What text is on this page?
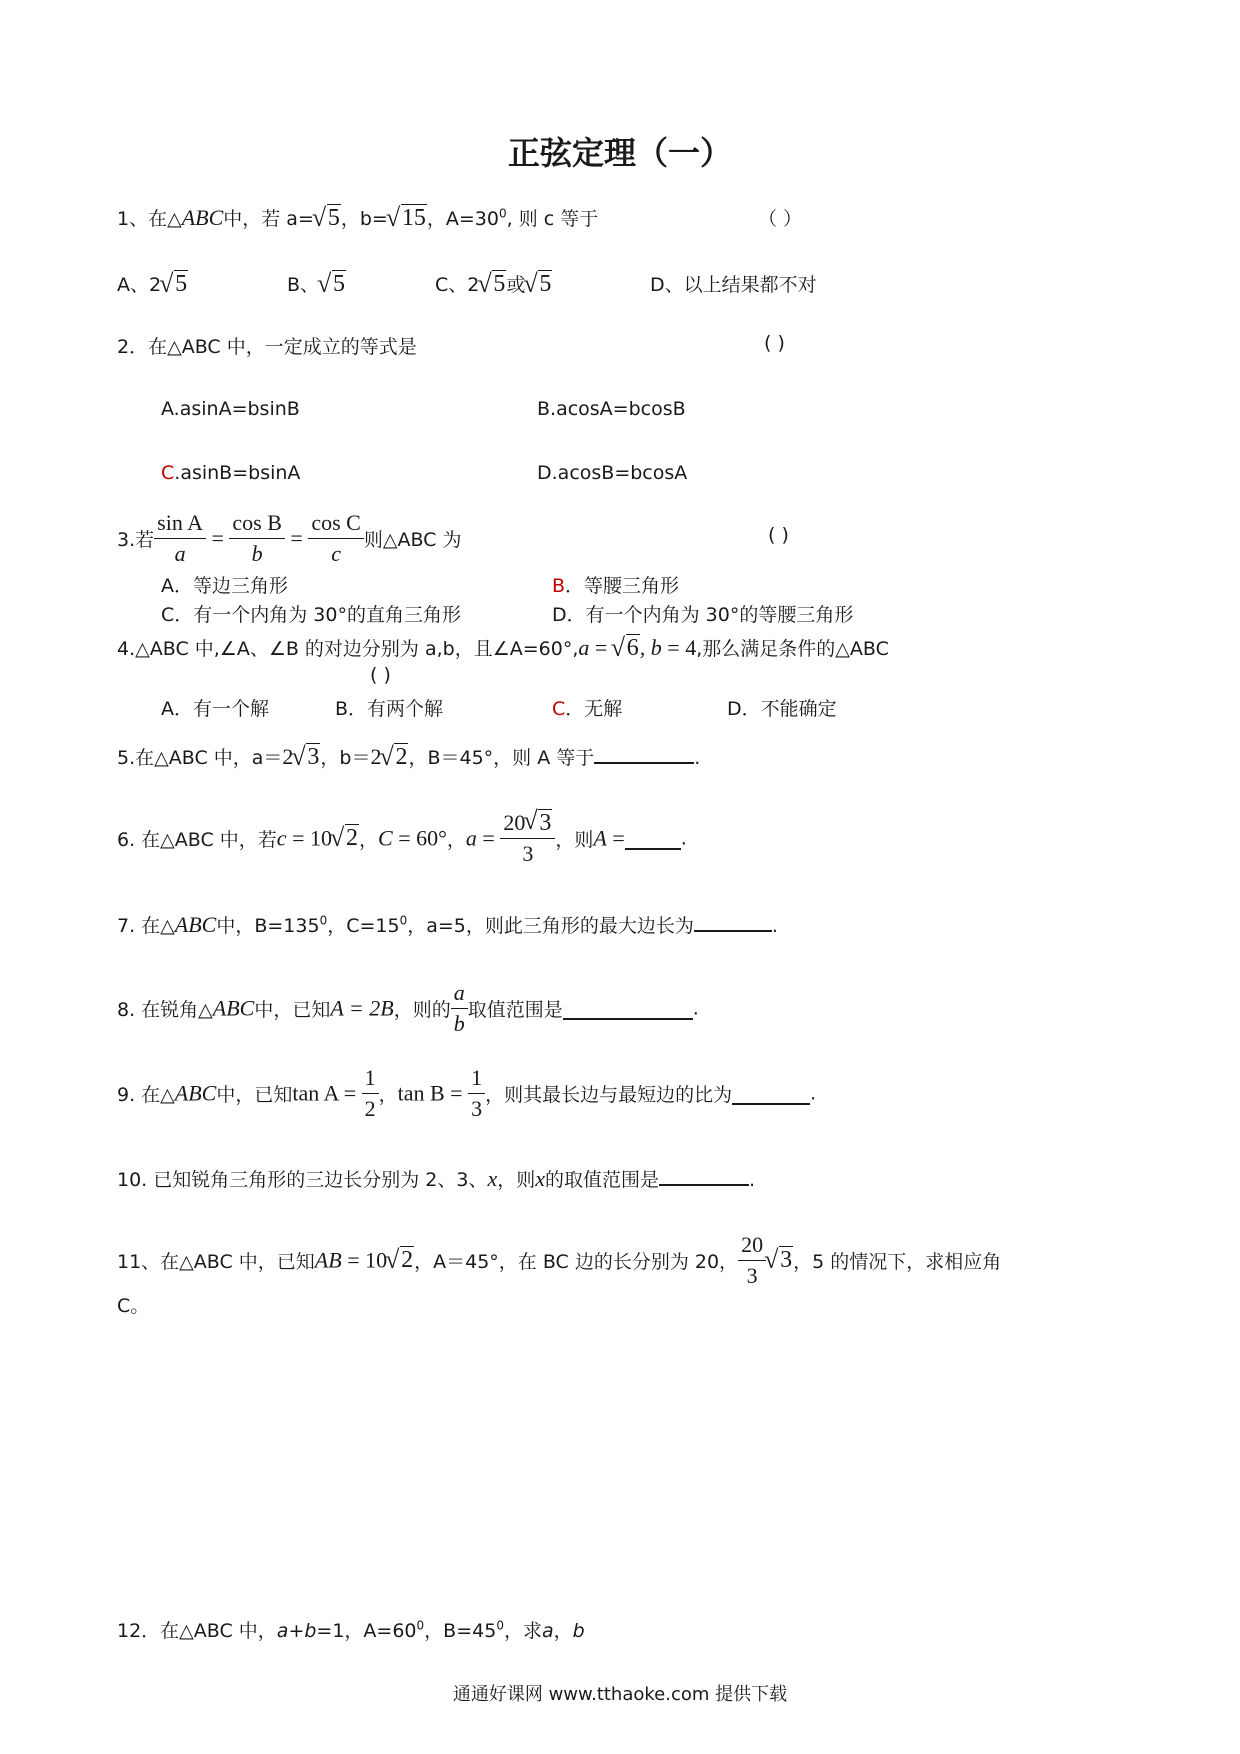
正弦定理（一）
1、在△ABC中，若 a=
√ 5，b=
√ 15，$A=30^0$, 则 c 等于	（ ）
A、2
√ 5	B、
√ 5	C、2
√ 5或
√ 5	D、以上结果都不对
2．在△ABC 中，一定成立的等式是	( )
A.asinA=bsinB	B.acosA=bcosB
C.asinB=bsinA	D.acosB=bcosA
3.若 $\frac{\text{sin A}}{a} = \frac{\text{cos B}}{b} = \frac{\text{cos C}}{c}$ 则△ABC 为	( )
A．等边三角形	B．等腰三角形
C．有一个内角为 30°的直角三角形	D．有一个内角为 30°的等腰三角形
4.△ABC 中,∠A、∠B 的对边分别为 a,b，且∠A=60°,a =
√ 6, b = 4,那么满足条件的△ABC
( )
A．有一个解	B．有两个解	C．无解	D．不能确定
5.在△ABC 中，a＝2
√ 3，b＝2
√ 2，B＝45°，则 A 等于	.
6. 在△ABC 中，若c = 10
√ 2，C = 60°，a = 20
√ 3
3 ，则A =	.
7. 在△ABC中，$B=135^0$，$C=15^0$，a=5，则此三角形的最大边长为	.
8. 在锐角△ABC中，已知A = 2B，则的 $\frac{a}{b}$ 取值范围是	.
9. 在△ABC中，已知$\tan A = \frac{1}{2}$ ，$\tan B = \frac{1}{3}$ ，则其最长边与最短边的比为	.
10. 已知锐角三角形的三边长分别为 2、3、x，则x的取值范围是	.
11、在△ABC 中，已知AB = 10
√ 2，A＝45°，在 BC 边的长分别为 20， $\frac{20}{3}$
√ 3，5 的情况下，求相应角
C。
12．在△ABC 中，a+b=1，$A=60^0$，$B=45^0$，求a，b
通通好课网 www.tthaoke.com 提供下载
